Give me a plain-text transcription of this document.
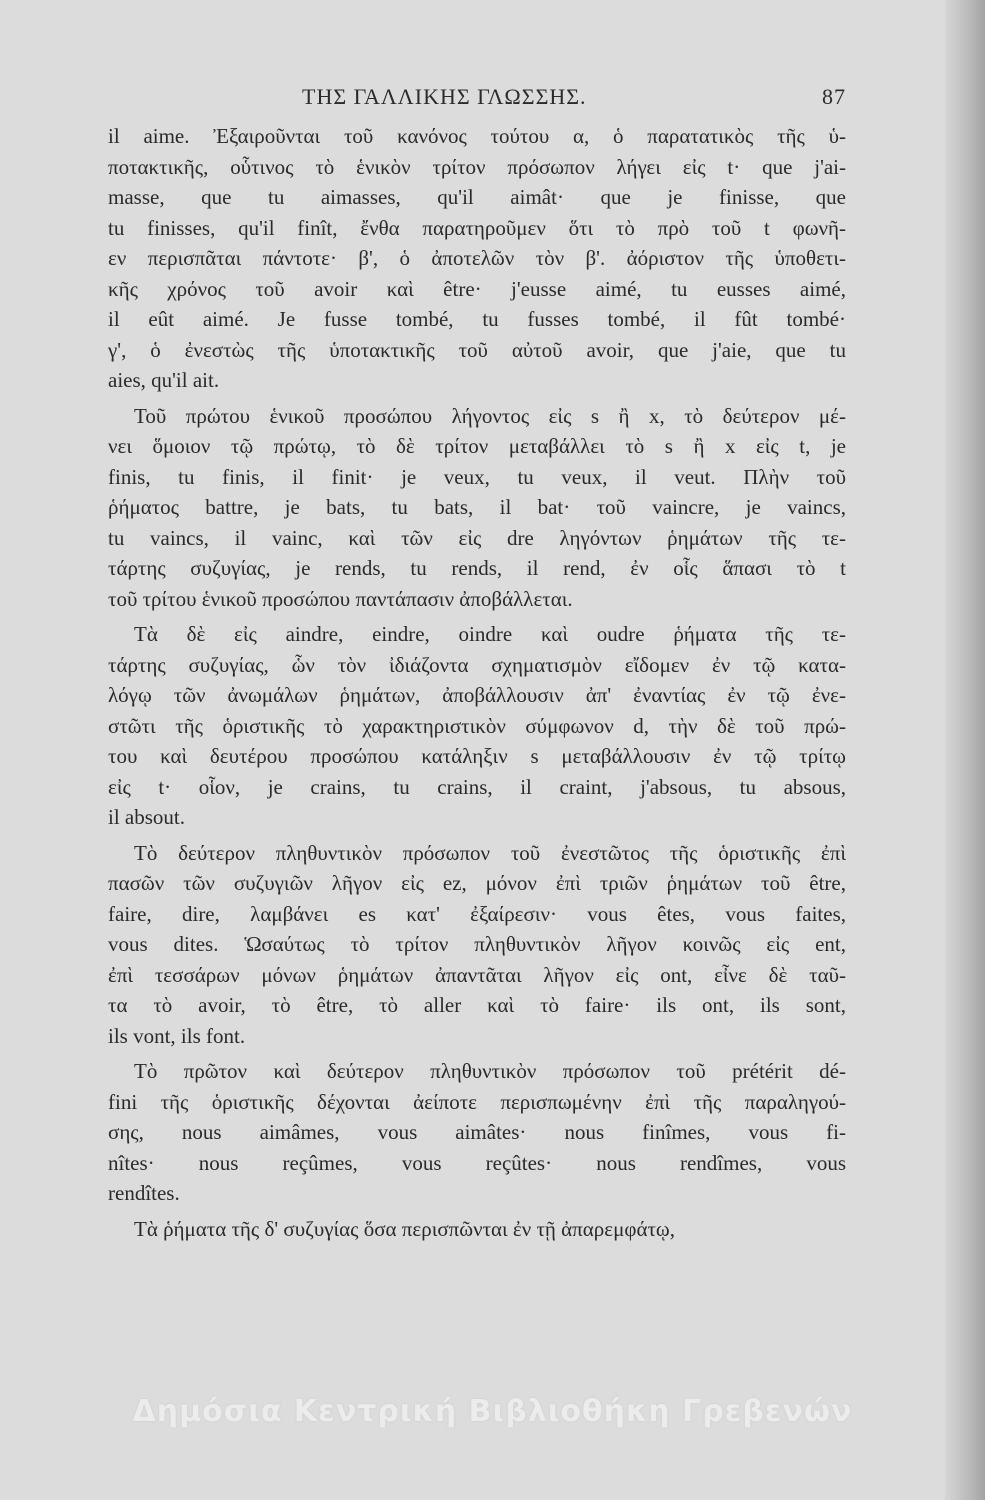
ΤΗΣ ΓΑΛΛΙΚΗΣ ΓΛΩΣΣΗΣ.	87
il aime. Ἐξαιροῦνται τοῦ κανόνος τούτου α, ὁ παρατατικὸς τῆς ὑ-
ποτακτικῆς, οὗτινος τὸ ἑνικὸν τρίτον πρόσωπον λήγει εἰς t· que j'ai-
masse, que tu aimasses, qu'il aimât· que je finisse, que
tu finisses, qu'il finît, ἔνθα παρατηροῦμεν ὅτι τὸ πρὸ τοῦ t φωνῆ-
εν περισπᾶται πάντοτε· β', ὁ ἀποτελῶν τὸν β'. ἀόριστον τῆς ὑποθετι-
κῆς χρόνος τοῦ avoir καὶ être· j'eusse aimé, tu eusses aimé,
il eût aimé. Je fusse tombé, tu fusses tombé, il fût tombé·
γ', ὁ ἐνεστὼς τῆς ὑποτακτικῆς τοῦ αὐτοῦ avoir, que j'aie, que tu
aies, qu'il ait.
Τοῦ πρώτου ἑνικοῦ προσώπου λήγοντος εἰς s ἢ x, τὸ δεύτερον μέ-
νει ὅμοιον τῷ πρώτῳ, τὸ δὲ τρίτον μεταβάλλει τὸ s ἢ x εἰς t, je
finis, tu finis, il finit· je veux, tu veux, il veut. Πλὴν τοῦ
ῥήματος battre, je bats, tu bats, il bat· τοῦ vaincre, je vaincs,
tu vaincs, il vainc, καὶ τῶν εἰς dre ληγόντων ῥημάτων τῆς τε-
τάρτης συζυγίας, je rends, tu rends, il rend, ἐν οἷς ἅπασι τὸ t
τοῦ τρίτου ἑνικοῦ προσώπου παντάπασιν ἀποβάλλεται.
Τὰ δὲ εἰς aindre, eindre, oindre καὶ oudre ῥήματα τῆς τε-
τάρτης συζυγίας, ὧν τὸν ἰδιάζοντα σχηματισμὸν εἴδομεν ἐν τῷ κατα-
λόγῳ τῶν ἀνωμάλων ῥημάτων, ἀποβάλλουσιν ἀπ' ἐναντίας ἐν τῷ ἐνε-
στῶτι τῆς ὁριστικῆς τὸ χαρακτηριστικὸν σύμφωνον d, τὴν δὲ τοῦ πρώ-
του καὶ δευτέρου προσώπου κατάληξιν s μεταβάλλουσιν ἐν τῷ τρίτῳ
εἰς t· οἷον, je crains, tu crains, il craint, j'absous, tu absous,
il absout.
Τὸ δεύτερον πληθυντικὸν πρόσωπον τοῦ ἐνεστῶτος τῆς ὁριστικῆς ἐπὶ
πασῶν τῶν συζυγιῶν λῆγον εἰς ez, μόνον ἐπὶ τριῶν ῥημάτων τοῦ être,
faire, dire, λαμβάνει es κατ' ἐξαίρεσιν· vous êtes, vous faites,
vous dites. Ὡσαύτως τὸ τρίτον πληθυντικὸν λῆγον κοινῶς εἰς ent,
ἐπὶ τεσσάρων μόνων ῥημάτων ἀπαντᾶται λῆγον εἰς ont, εἶνε δὲ ταῦ-
τα τὸ avoir, τὸ être, τὸ aller καὶ τὸ faire· ils ont, ils sont,
ils vont, ils font.
Τὸ πρῶτον καὶ δεύτερον πληθυντικὸν πρόσωπον τοῦ prétérit dé-
fini τῆς ὁριστικῆς δέχονται ἀείποτε περισπωμένην ἐπὶ τῆς παραληγού-
σης, nous aimâmes, vous aimâtes· nous finîmes, vous fi-
nîtes· nous reçûmes, vous reçûtes· nous rendîmes, vous
rendîtes.
Τὰ ῥήματα τῆς δ' συζυγίας ὅσα περισπῶνται ἐν τῇ ἀπαρεμφάτῳ,
Δημόσια Κεντρική Βιβλιοθήκη Γρεβενών
